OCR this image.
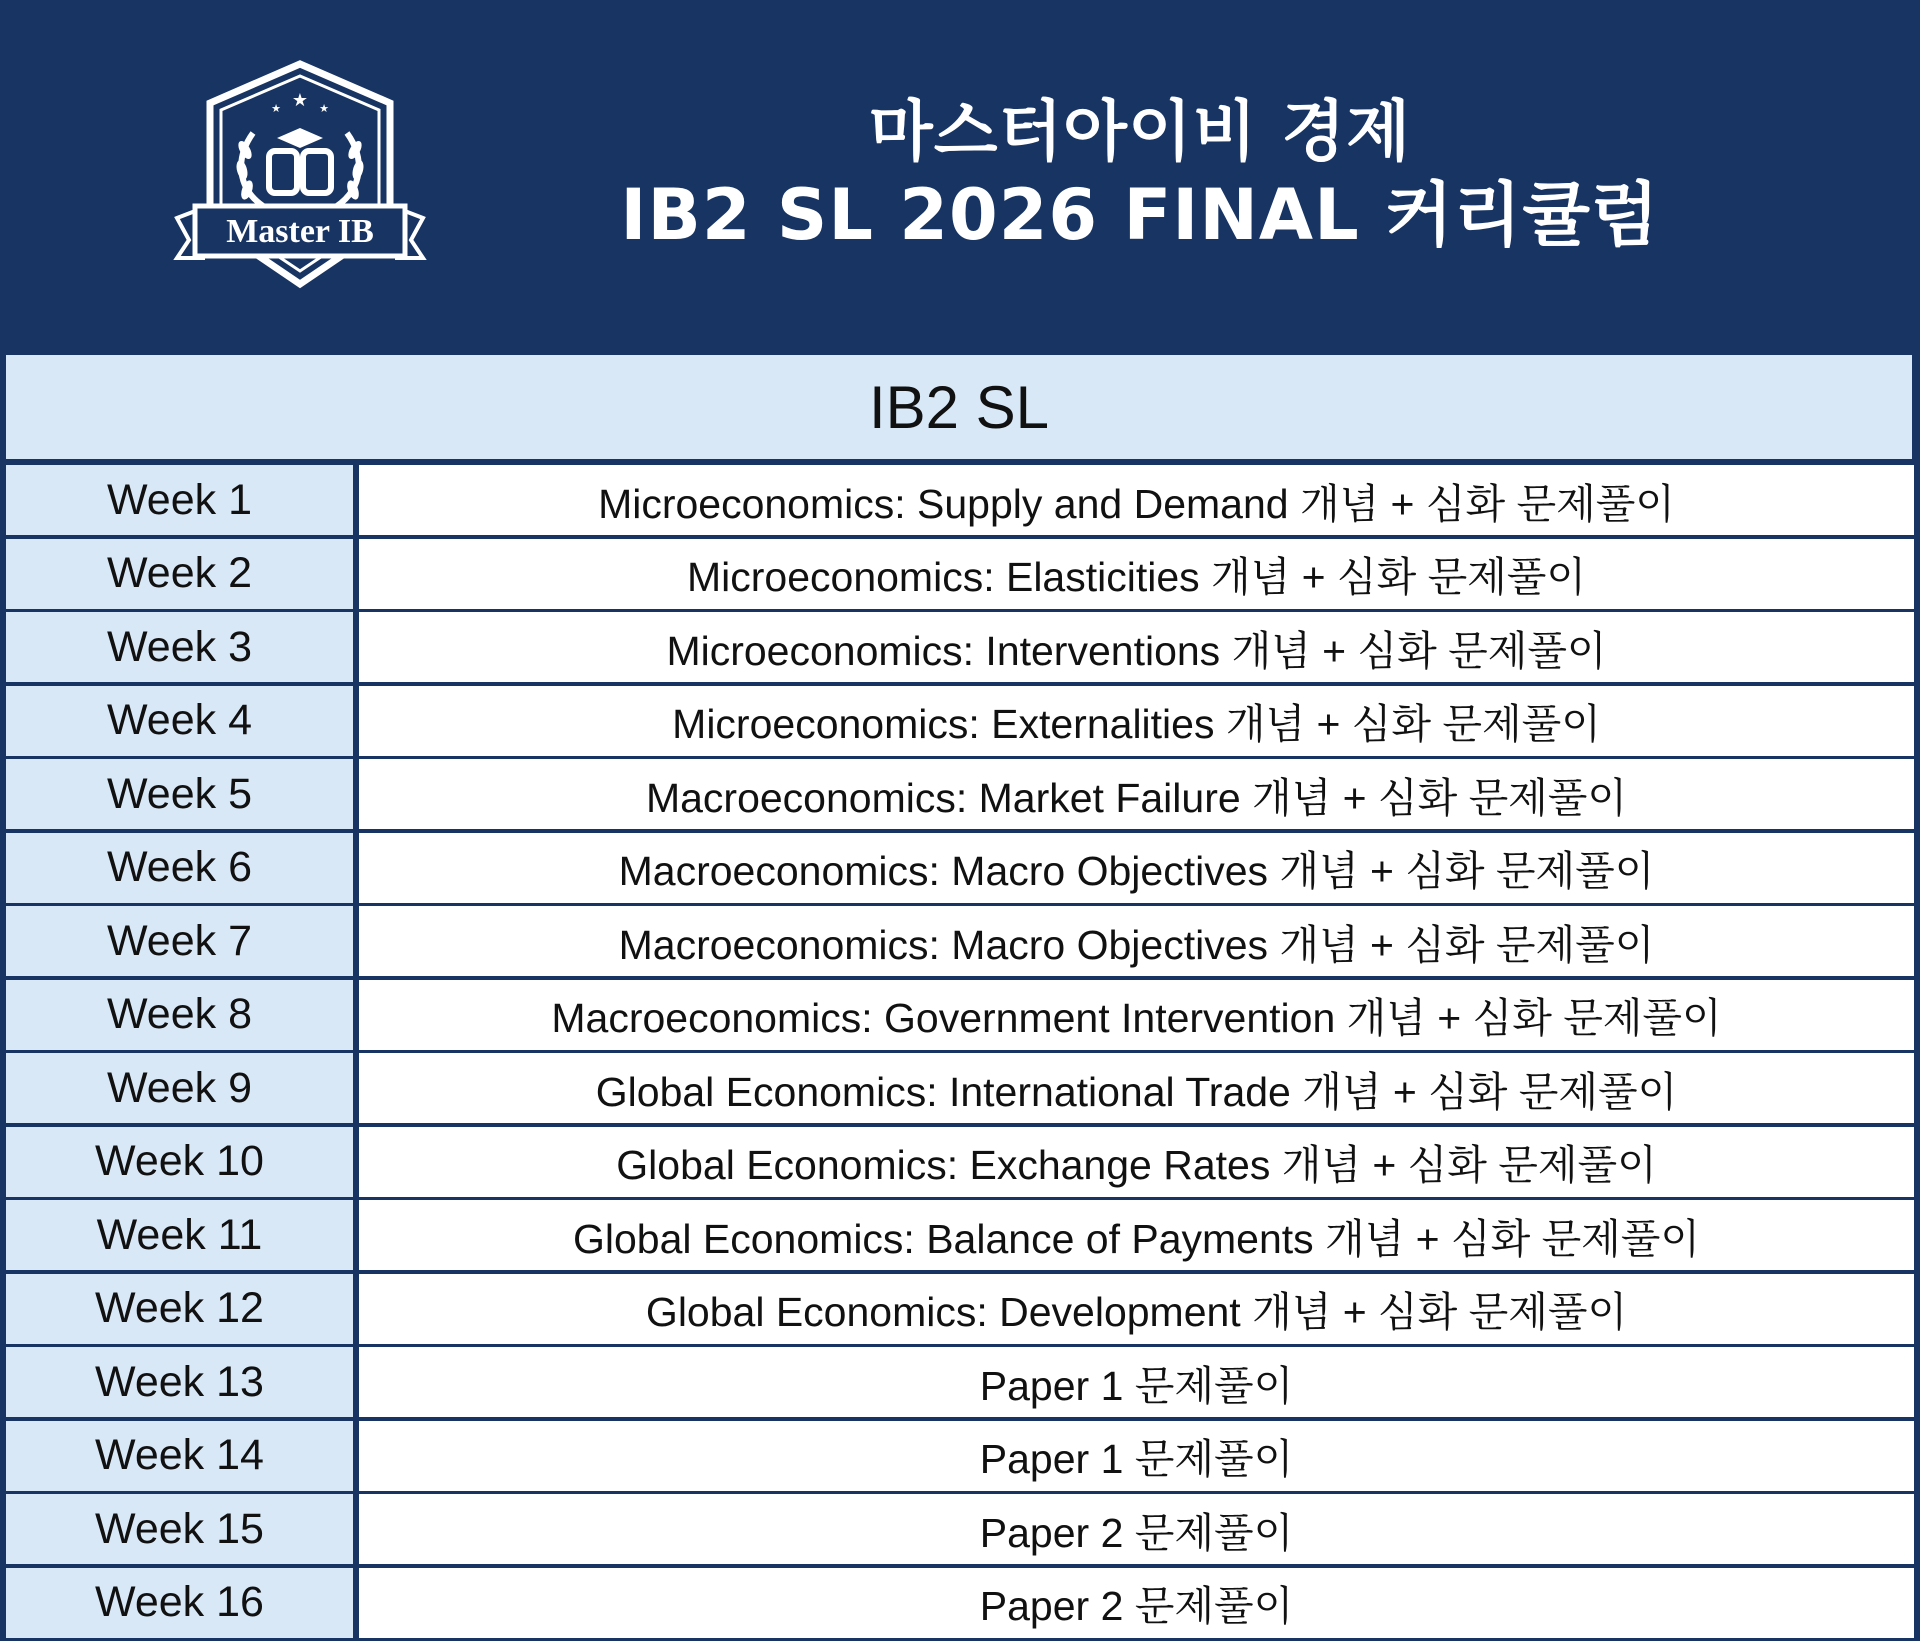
★
★	★
Master IB
마스터아이비 경제
IB2 SL 2026 FINAL 커리큘럼
IB2 SL
Week 1	Microeconomics: Supply and Demand 개념 + 심화 문제풀이
Week 2	Microeconomics: Elasticities 개념 + 심화 문제풀이
Week 3	Microeconomics: Interventions 개념 + 심화 문제풀이
Week 4	Microeconomics: Externalities 개념 + 심화 문제풀이
Week 5	Macroeconomics: Market Failure 개념 + 심화 문제풀이
Week 6	Macroeconomics: Macro Objectives 개념 + 심화 문제풀이
Week 7	Macroeconomics: Macro Objectives 개념 + 심화 문제풀이
Week 8	Macroeconomics: Government Intervention 개념 + 심화 문제풀이
Week 9	Global Economics: International Trade 개념 + 심화 문제풀이
Week 10	Global Economics: Exchange Rates 개념 + 심화 문제풀이
Week 11	Global Economics: Balance of Payments 개념 + 심화 문제풀이
Week 12	Global Economics: Development 개념 + 심화 문제풀이
Week 13	Paper 1 문제풀이
Week 14	Paper 1 문제풀이
Week 15	Paper 2 문제풀이
Week 16	Paper 2 문제풀이
